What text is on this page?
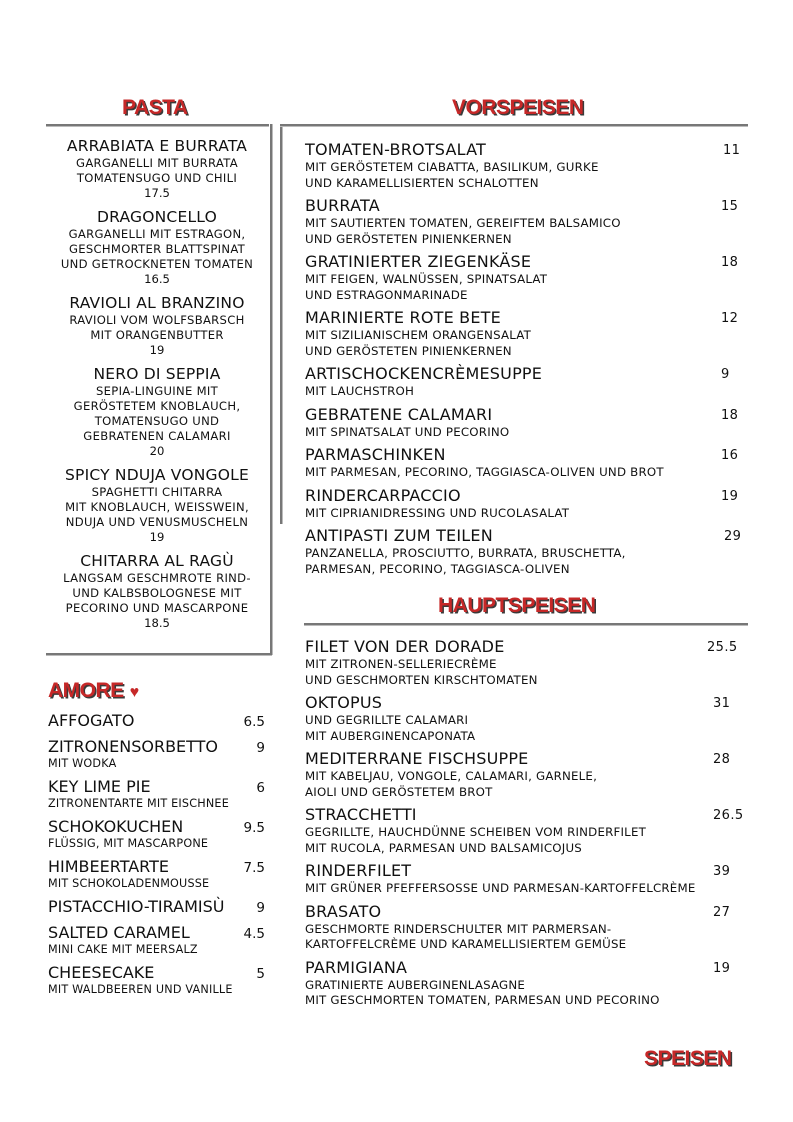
PASTA	VORSPEISEN
AMORE ♥
HAUPTSPEISEN
SPEISEN
ARRABIATA E BURRATA
GARGANELLI MIT BURRATA
TOMATENSUGO UND CHILI
17.5
DRAGONCELLO
GARGANELLI MIT ESTRAGON,
GESCHMORTER BLATTSPINAT
UND GETROCKNETEN TOMATEN
16.5
RAVIOLI AL BRANZINO
RAVIOLI VOM WOLFSBARSCH
MIT ORANGENBUTTER
19
NERO DI SEPPIA
SEPIA-LINGUINE MIT
GERÖSTETEM KNOBLAUCH,
TOMATENSUGO UND
GEBRATENEN CALAMARI
20
SPICY NDUJA VONGOLE
SPAGHETTI CHITARRA
MIT KNOBLAUCH, WEISSWEIN,
NDUJA UND VENUSMUSCHELN
19
CHITARRA AL RAGÙ
LANGSAM GESCHMROTE RIND-
UND KALBSBOLOGNESE MIT
PECORINO UND MASCARPONE
18.5
AFFOGATO	6.5
ZITRONENSORBETTO
MIT WODKA
9
KEY LIME PIE
ZITRONENTARTE MIT EISCHNEE
6
SCHOKOKUCHEN
FLÜSSIG, MIT MASCARPONE
9.5
HIMBEERTARTE
MIT SCHOKOLADENMOUSSE
7.5
PISTACCHIO-TIRAMISÙ	9
SALTED CARAMEL
MINI CAKE MIT MEERSALZ
4.5
CHEESECAKE
MIT WALDBEEREN UND VANILLE
5
TOMATEN-BROTSALAT
MIT GERÖSTETEM CIABATTA, BASILIKUM, GURKE
UND KARAMELLISIERTEN SCHALOTTEN
11
BURRATA
MIT SAUTIERTEN TOMATEN, GEREIFTEM BALSAMICO
UND GERÖSTETEN PINIENKERNEN
15
GRATINIERTER ZIEGENKÄSE
MIT FEIGEN, WALNÜSSEN, SPINATSALAT
UND ESTRAGONMARINADE
18
MARINIERTE ROTE BETE
MIT SIZILIANISCHEM ORANGENSALAT
UND GERÖSTETEN PINIENKERNEN
12
ARTISCHOCKENCRÈMESUPPE
MIT LAUCHSTROH
9
GEBRATENE CALAMARI
MIT SPINATSALAT UND PECORINO
18
PARMASCHINKEN
MIT PARMESAN, PECORINO, TAGGIASCA-OLIVEN UND BROT
16
RINDERCARPACCIO
MIT CIPRIANIDRESSING UND RUCOLASALAT
19
ANTIPASTI ZUM TEILEN
PANZANELLA, PROSCIUTTO, BURRATA, BRUSCHETTA,
PARMESAN, PECORINO, TAGGIASCA-OLIVEN
29
FILET VON DER DORADE
MIT ZITRONEN-SELLERIECRÈME
UND GESCHMORTEN KIRSCHTOMATEN
25.5
OKTOPUS
UND GEGRILLTE CALAMARI
MIT AUBERGINENCAPONATA
31
MEDITERRANE FISCHSUPPE
MIT KABELJAU, VONGOLE, CALAMARI, GARNELE,
AIOLI UND GERÖSTETEM BROT
28
STRACCHETTI
GEGRILLTE, HAUCHDÜNNE SCHEIBEN VOM RINDERFILET
MIT RUCOLA, PARMESAN UND BALSAMICOJUS
26.5
RINDERFILET
MIT GRÜNER PFEFFERSOSSE UND PARMESAN-KARTOFFELCRÈME
39
BRASATO
GESCHMORTE RINDERSCHULTER MIT PARMERSAN-
KARTOFFELCRÈME UND KARAMELLISIERTEM GEMÜSE
27
PARMIGIANA
GRATINIERTE AUBERGINENLASAGNE
MIT GESCHMORTEN TOMATEN, PARMESAN UND PECORINO
19
